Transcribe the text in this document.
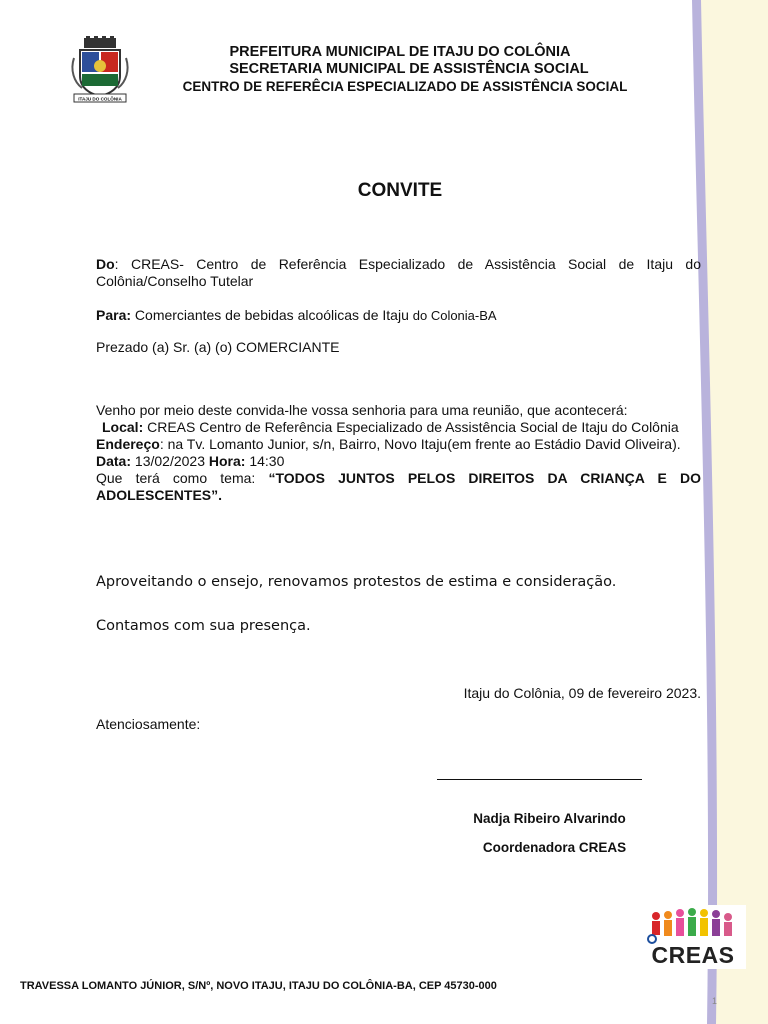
ITAJU DO COLÔNIA
PREFEITURA MUNICIPAL DE ITAJU DO COLÔNIA
SECRETARIA MUNICIPAL DE ASSISTÊNCIA SOCIAL
CENTRO DE REFERÊCIA ESPECIALIZADO DE ASSISTÊNCIA SOCIAL
CONVITE
Do: CREAS- Centro de Referência Especializado de Assistência Social de Itaju do Colônia/Conselho Tutelar
Para: Comerciantes de bebidas alcoólicas de Itaju do Colonia-BA
Prezado (a) Sr. (a) (o) COMERCIANTE
Venho por meio deste convida-lhe vossa senhoria para uma reunião, que acontecerá:
Local: CREAS Centro de Referência Especializado de Assistência Social de Itaju do Colônia
Endereço: na Tv. Lomanto Junior, s/n, Bairro, Novo Itaju(em frente ao Estádio David Oliveira).
Data: 13/02/2023 Hora: 14:30
Que terá como tema: “TODOS JUNTOS PELOS DIREITOS DA CRIANÇA E DO ADOLESCENTES”.
Aproveitando o ensejo, renovamos protestos de estima e consideração.
Contamos com sua presença.
Itaju do Colônia, 09 de fevereiro 2023.
Atenciosamente:
Nadja Ribeiro Alvarindo
Coordenadora CREAS
CREAS
TRAVESSA LOMANTO JÚNIOR, S/Nº, NOVO ITAJU, ITAJU DO COLÔNIA-BA, CEP 45730-000
1
